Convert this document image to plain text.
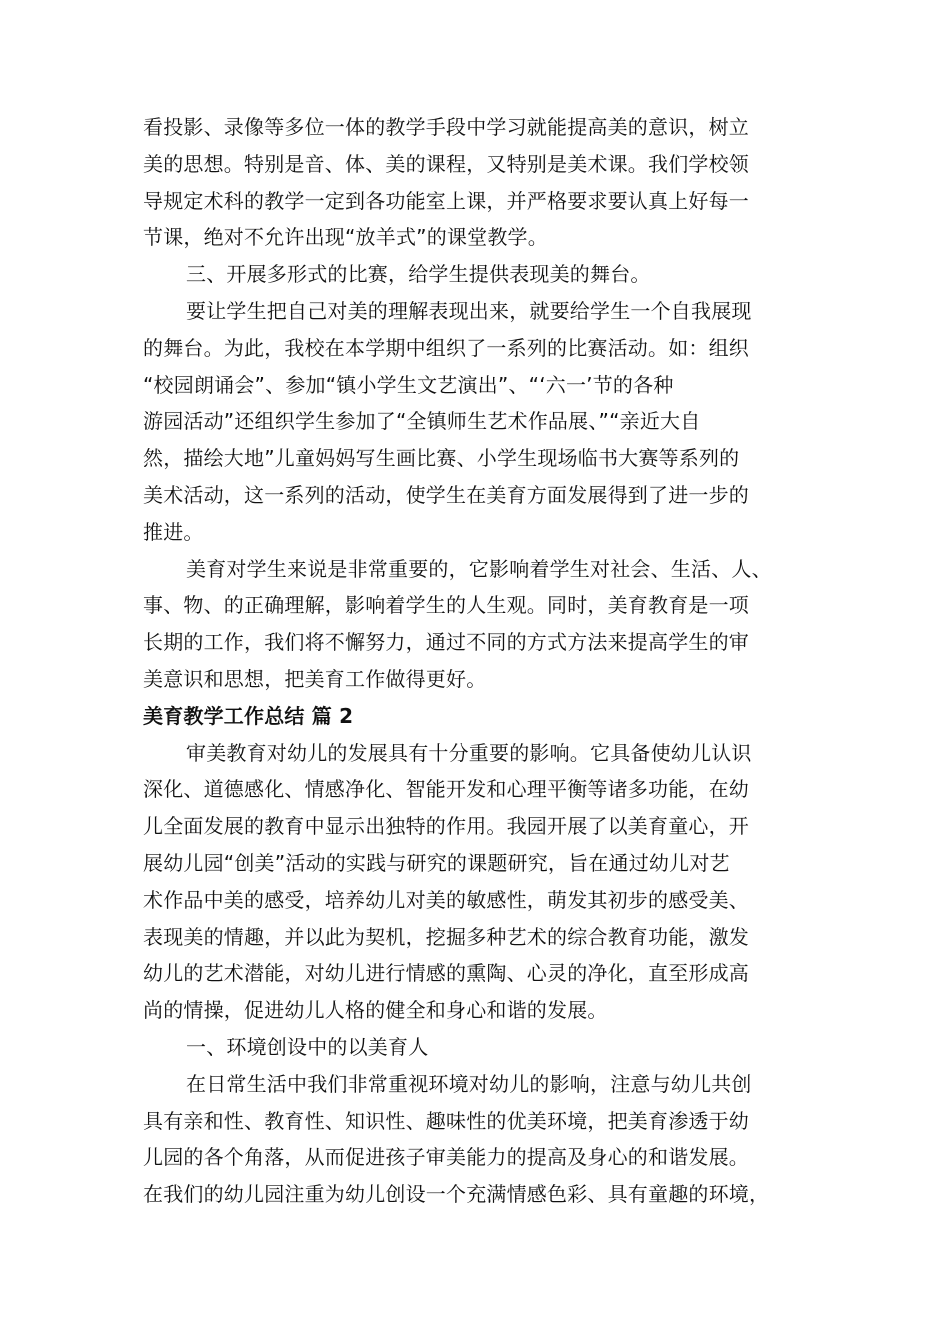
看投影、录像等多位一体的教学手段中学习就能提高美的意识，树立
美的思想。特别是音、体、美的课程，又特别是美术课。我们学校领
导规定术科的教学一定到各功能室上课，并严格要求要认真上好每一
节课，绝对不允许出现“放羊式”的课堂教学。
三、开展多形式的比赛，给学生提供表现美的舞台。
要让学生把自己对美的理解表现出来，就要给学生一个自我展现
的舞台。为此，我校在本学期中组织了一系列的比赛活动。如：组织
“校园朗诵会”、参加“镇小学生文艺演出”、“‘六一’节的各种
游园活动”还组织学生参加了“全镇师生艺术作品展、”“亲近大自
然，描绘大地”儿童妈妈写生画比赛、小学生现场临书大赛等系列的
美术活动，这一系列的活动，使学生在美育方面发展得到了进一步的
推进。
美育对学生来说是非常重要的，它影响着学生对社会、生活、人、
事、物、的正确理解，影响着学生的人生观。同时，美育教育是一项
长期的工作，我们将不懈努力，通过不同的方式方法来提高学生的审
美意识和思想，把美育工作做得更好。
美育教学工作总结 篇 2
审美教育对幼儿的发展具有十分重要的影响。它具备使幼儿认识
深化、道德感化、情感净化、智能开发和心理平衡等诸多功能，在幼
儿全面发展的教育中显示出独特的作用。我园开展了以美育童心，开
展幼儿园“创美”活动的实践与研究的课题研究，旨在通过幼儿对艺
术作品中美的感受，培养幼儿对美的敏感性，萌发其初步的感受美、
表现美的情趣，并以此为契机，挖掘多种艺术的综合教育功能，激发
幼儿的艺术潜能，对幼儿进行情感的熏陶、心灵的净化，直至形成高
尚的情操，促进幼儿人格的健全和身心和谐的发展。
一、环境创设中的以美育人
在日常生活中我们非常重视环境对幼儿的影响，注意与幼儿共创
具有亲和性、教育性、知识性、趣味性的优美环境，把美育渗透于幼
儿园的各个角落，从而促进孩子审美能力的提高及身心的和谐发展。
在我们的幼儿园注重为幼儿创设一个充满情感色彩、具有童趣的环境，
